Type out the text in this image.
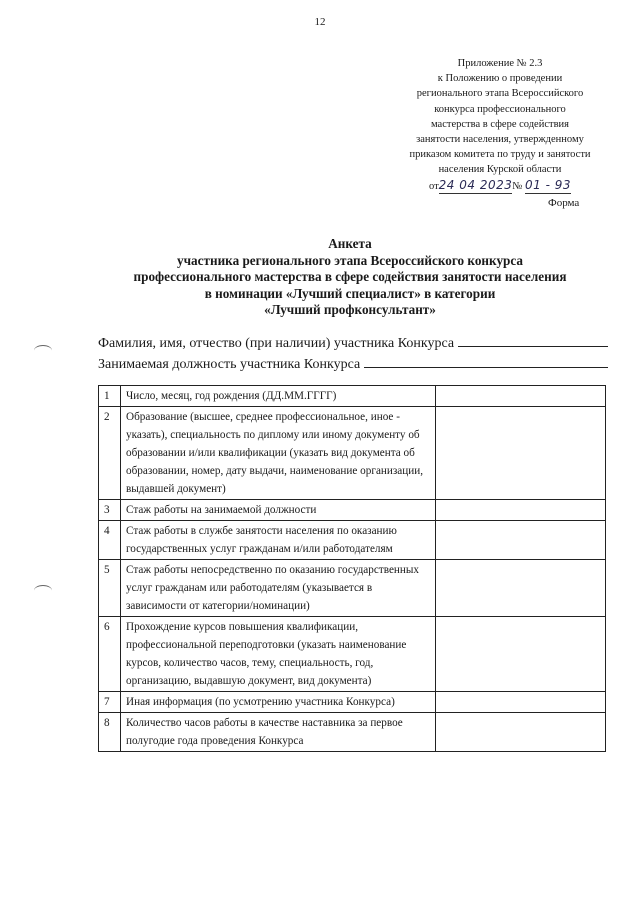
12
Приложение № 2.3
к Положению о проведении
регионального этапа Всероссийского
конкурса профессионального
мастерства в сфере содействия
занятости населения, утвержденному
приказом комитета по труду и занятости
населения Курской области
от24 04 2023№ 01 - 93
Форма
Анкета
участника регионального этапа Всероссийского конкурса
профессионального мастерства в сфере содействия занятости населения
в номинации «Лучший специалист» в категории
«Лучший профконсультант»
Фамилия, имя, отчество (при наличии) участника Конкурса
Занимаемая должность участника Конкурса
1	Число, месяц, год рождения (ДД.ММ.ГГГГ)	
2	Образование (высшее, среднее профессиональное, иное - указать), специальность по диплому или иному документу об образовании и/или квалификации (указать вид документа об образовании, номер, дату выдачи, наименование организации, выдавшей документ)	
3	Стаж работы на занимаемой должности	
4	Стаж работы в службе занятости населения по оказанию государственных услуг гражданам и/или работодателям	
5	Стаж работы непосредственно по оказанию государственных услуг гражданам или работодателям (указывается в зависимости от категории/номинации)	
6	Прохождение курсов повышения квалификации, профессиональной переподготовки (указать наименование курсов, количество часов, тему, специальность, год, организацию, выдавшую документ, вид документа)	
7	Иная информация (по усмотрению участника Конкурса)	
8	Количество часов работы в качестве наставника за первое полугодие года проведения Конкурса	
